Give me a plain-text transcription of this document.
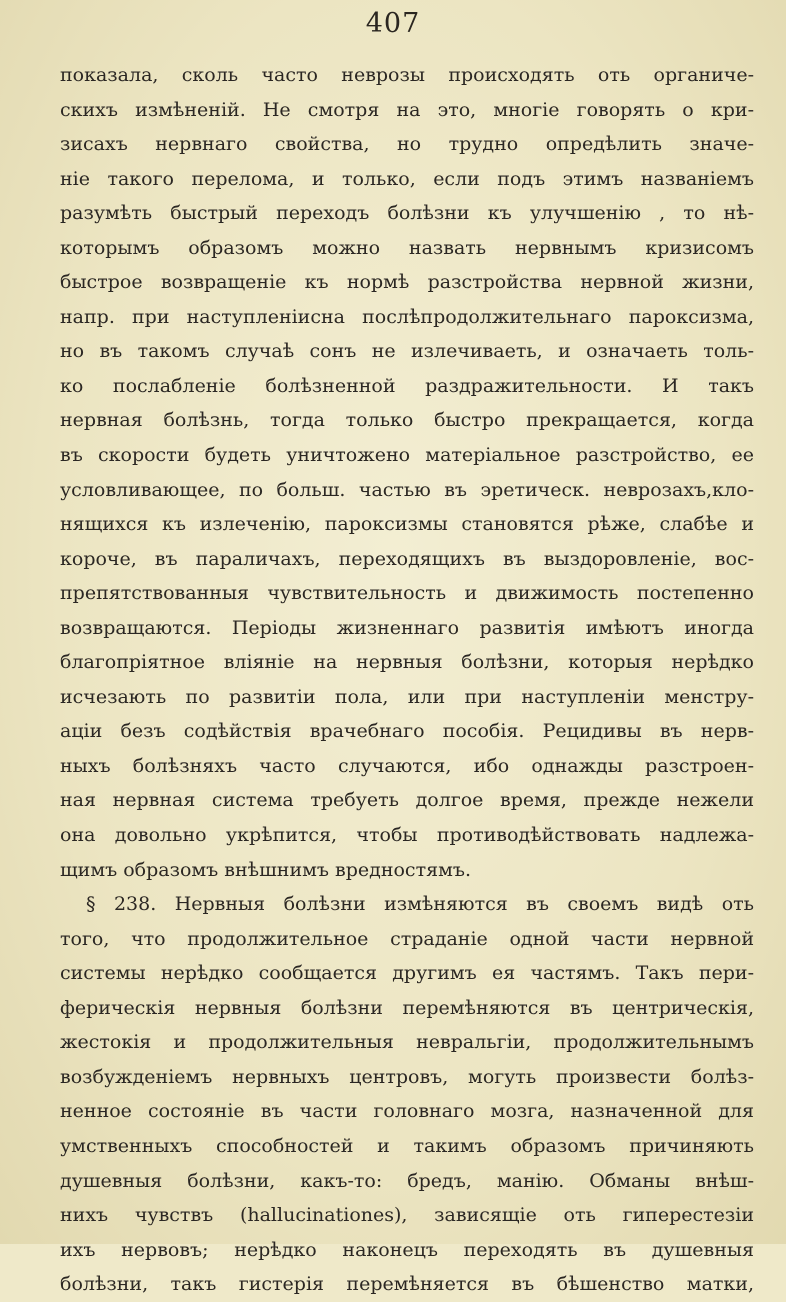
407
показала, сколь часто неврозы происходять оть органиче-
скихъ измѣненій. Не смотря на это, многіе говорять о кри-
зисахъ нервнаго свойства, но трудно опредѣлить значе-
ніе такого перелома, и только, если подъ этимъ названіемъ
разумѣть быстрый переходъ болѣзни къ улучшенію , то нѣ-
которымъ образомъ можно назвать нервнымъ кризисомъ
быстрое возвращеніе къ нормѣ разстройства нервной жизни,
напр. при наступленіисна послѣпродолжительнаго пароксизма,
но въ такомъ случаѣ сонъ не излечиваеть, и означаеть толь-
ко послабленіе болѣзненной раздражительности. И такъ
нервная болѣзнь, тогда только быстро прекращается, когда
въ скорости будеть уничтожено матеріальное разстройство, ее
условливающее, по больш. частью въ эретическ. неврозахъ,кло-
нящихся къ излеченію, пароксизмы становятся рѣже, слабѣе и
короче, въ параличахъ, переходящихъ въ выздоровленіе, вос-
препятствованныя чувствительность и движимость постепенно
возвращаются. Періоды жизненнаго развитія имѣютъ иногда
благопріятное вліяніе на нервныя болѣзни, которыя нерѣдко
исчезають по развитіи пола, или при наступленіи менстру-
аціи безъ содѣйствія врачебнаго пособія. Рецидивы въ нерв-
ныхъ болѣзняхъ часто случаются, ибо однажды разстроен-
ная нервная система требуеть долгое время, прежде нежели
она довольно укрѣпится, чтобы противодѣйствовать надлежа-
щимъ образомъ внѣшнимъ вредностямъ.
§ 238. Нервныя болѣзни измѣняются въ своемъ видѣ оть
того, что продолжительное страданіе одной части нервной
системы нерѣдко сообщается другимъ ея частямъ. Такъ пери-
ферическія нервныя болѣзни перемѣняются въ центрическія,
жестокія и продолжительныя невральгіи, продолжительнымъ
возбужденіемъ нервныхъ центровъ, могуть произвести болѣз-
ненное состояніе въ части головнаго мозга, назначенной для
умственныхъ способностей и такимъ образомъ причиняють
душевныя болѣзни, какъ-то: бредъ, манію. Обманы внѣш-
нихъ чувствъ (hallucinationes), зависящіе оть гиперестезіи
ихъ нервовъ; нерѣдко наконецъ переходять въ душевныя
болѣзни, такъ гистерія перемѣняется въ бѣшенство матки,
